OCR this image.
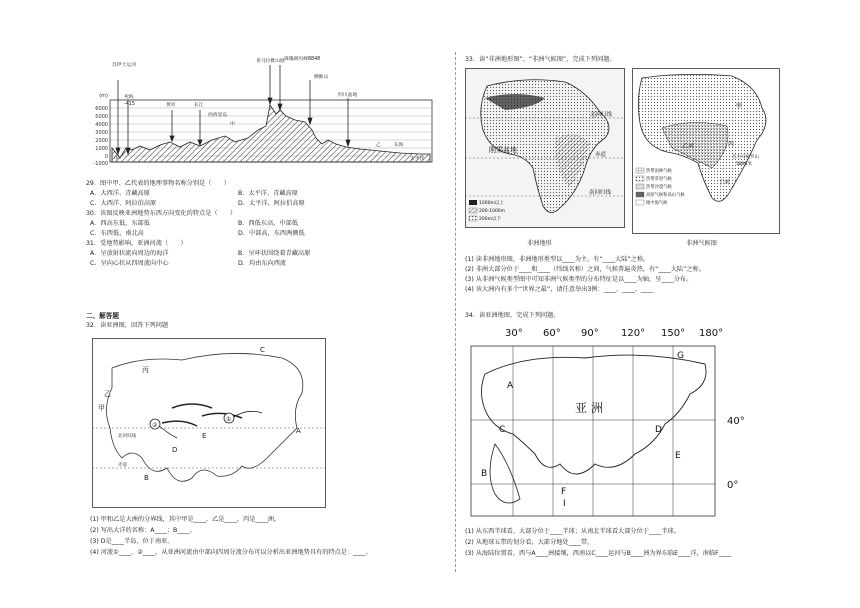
(m)
6000
5000
4000
3000
2000
1000
0
-1000
苏伊士运河
死海
-415	黄河	长江
中
西西里岛
喜马拉雅山脉 珠穆朗玛峰8848
横断山
四川盆地
乙	东海
太平洋
甲
29．图中甲、乙代表的地理事物名称分别是（　　）
A．大西洋、青藏高原	B．太平洋、青藏高原
C．大西洋、阿拉伯高原	D．太平洋、阿拉伯高原
30．该图反映亚洲地势东西方向变化的特点是（　　）
A．西高东低，东部低	B．西低东高，中部低
C．东西低，南北高	D．中部高，东西两侧低
31．受地势影响，亚洲河流（　　）
A．呈放射状流向周边的海洋	B．呈环状围绕着青藏高原
C．呈向心状从四周流向中心	D．均由东向西流
二、解答题
32．读亚洲图，回答下列问题
丙
乙
甲
北回归线
赤道
D
E
A
B
C
①
②
(1) 甲和乙是大洲的分界线，其中甲是____，乙是____，丙是____洲。
(2) 写出大洋的名称：A____；B____。
(3) D是____半岛，位于南亚。
(4) 河流①____，②____，从亚洲河流由中部向四周分流分布可以分析出亚洲地势具有的特点是：____。
33．读“非洲地形图”、“非洲气候图”，完成下列问题。
北回归线
刚果盆地
赤道
南回归线
1000m以上
200-1000m
200m以下
非洲地形
甲
乙河	丙
丁河
乞力马扎罗山
5895米
热带雨林气候
热带草原气候
热带沙漠气候
高原气候和高山气候
地中海气候
非洲气候图
(1) 读非洲地形图，非洲地形类型以____为主，有“____大陆”之称。
(2) 非洲大部分位于____和____（纬线名称）之间，气候普遍炎热，有“____大陆”之称。
(3) 从非洲气候类型图中可知非洲气候类型的分布特征是以____为轴，呈____分布。
(4) 该大洲内有多个“世界之最”，请任意举出3例：____、____、____
34．读亚洲地图，完成下列问题。
30° 60° 90° 120° 150° 180°
40°
0°
亚 洲
A
B
C	D
E
F
G
I
(1) 从东西半球看，大部分位于____半球；从南北半球看大部分位于____半球。
(2) 从地球五带的划分看，大部分地处____带。
(3) 从海陆位置看，西与A____洲接壤，西南以C____运河与B____洲为界东临E____洋，南临F____
